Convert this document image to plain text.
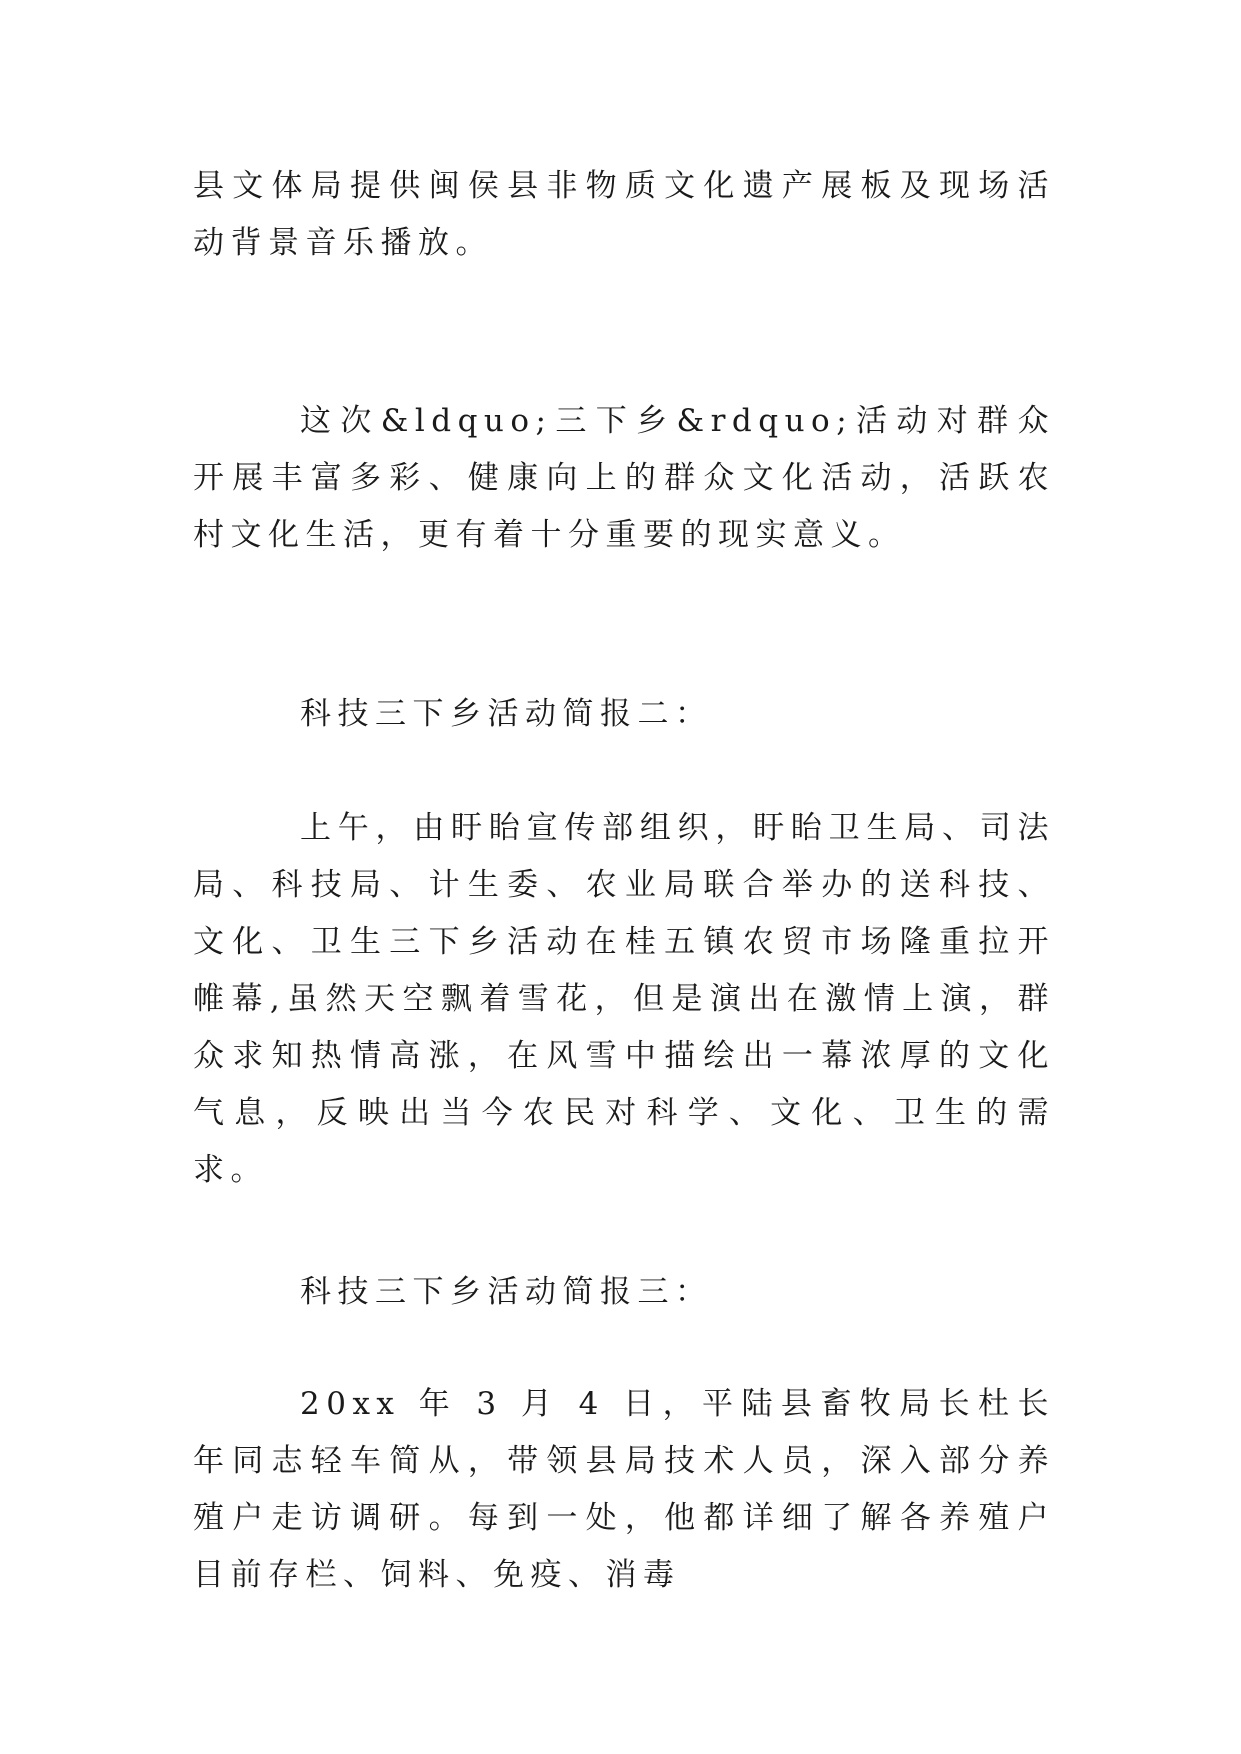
县文体局提供闽侯县非物质文化遗产展板及现场活动背景音乐播放。

这次&ldquo;三下乡&rdquo;活动对群众开展丰富多彩、健康向上的群众文化活动，活跃农村文化生活，更有着十分重要的现实意义。

科技三下乡活动简报二：

上午，由盱眙宣传部组织，盱眙卫生局、司法局、科技局、计生委、农业局联合举办的送科技、文化、卫生三下乡活动在桂五镇农贸市场隆重拉开帷幕,虽然天空飘着雪花，但是演出在激情上演，群众求知热情高涨，在风雪中描绘出一幕浓厚的文化气息，反映出当今农民对科学、文化、卫生的需求。

科技三下乡活动简报三：

20xx 年 3 月 4 日，平陆县畜牧局长杜长年同志轻车简从，带领县局技术人员，深入部分养殖户走访调研。每到一处，他都详细了解各养殖户目前存栏、饲料、免疫、消毒
